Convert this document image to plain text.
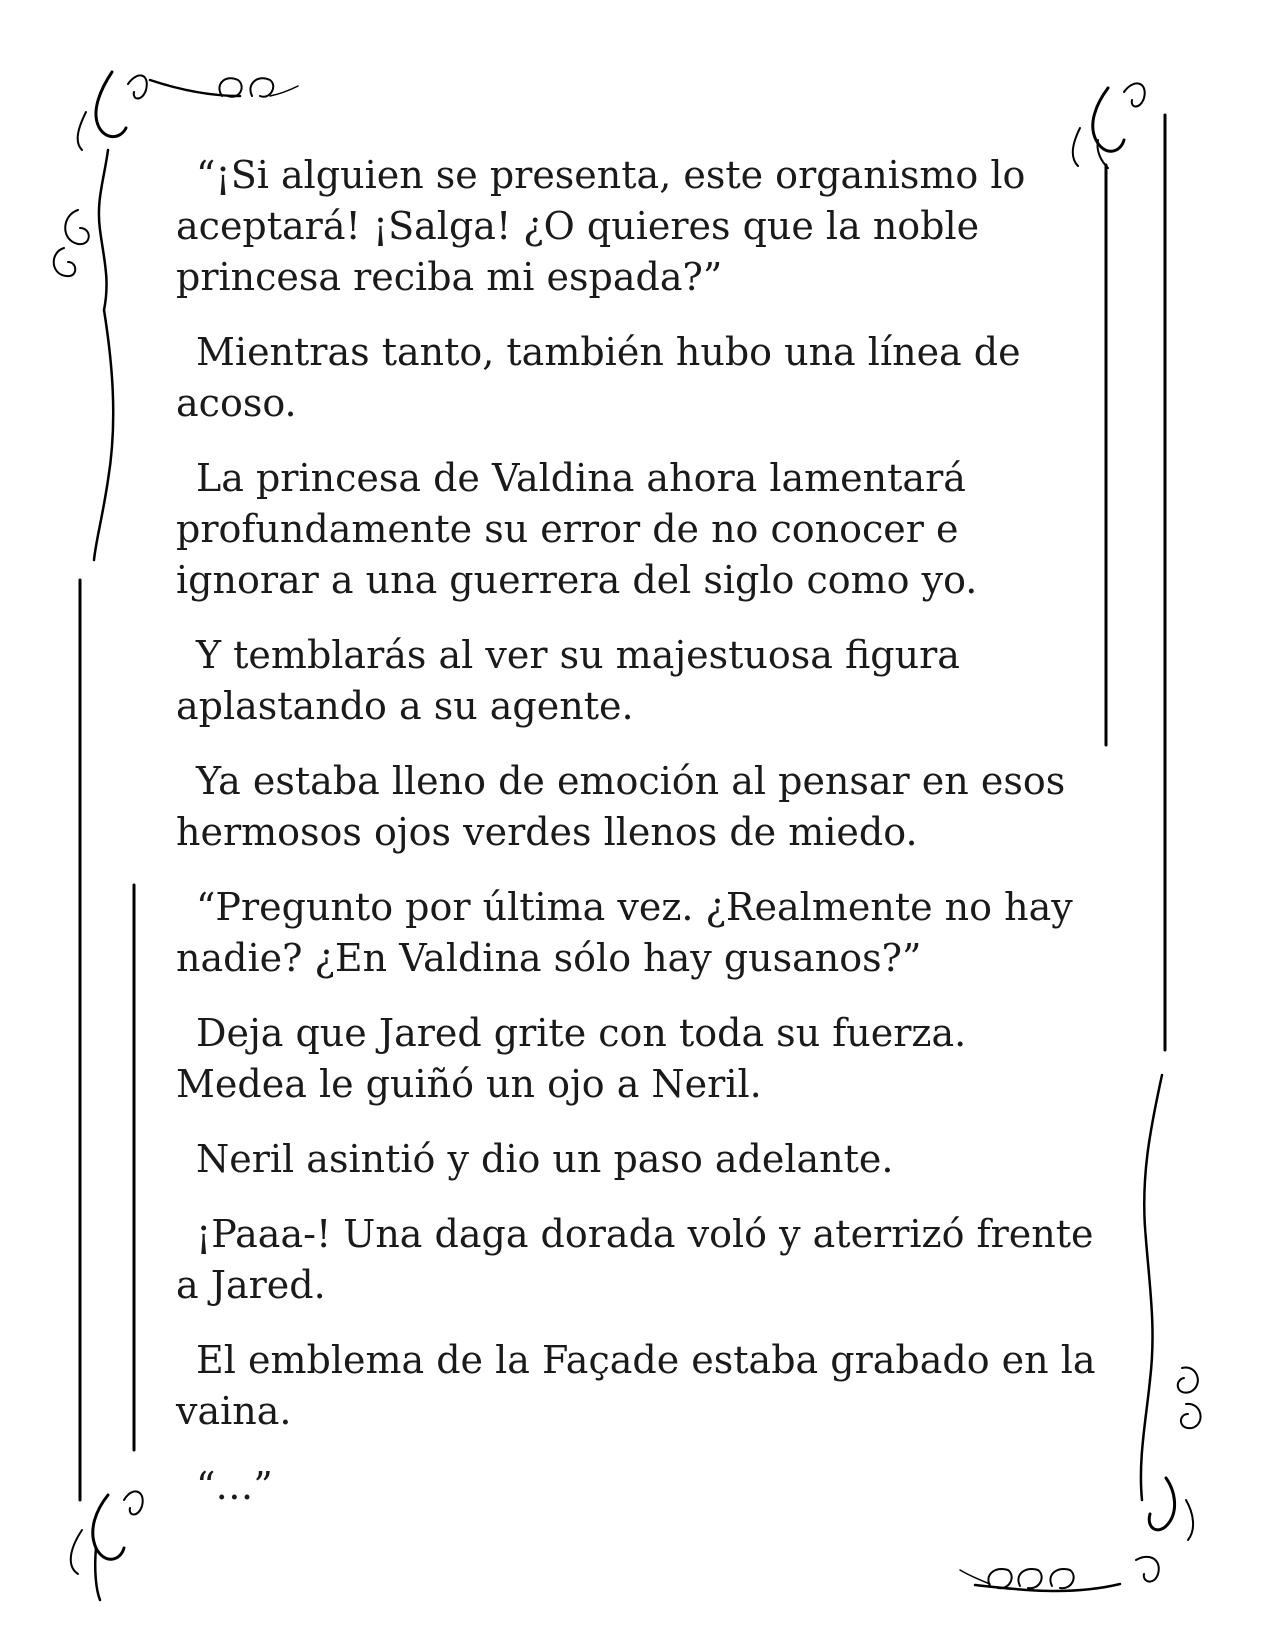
“¡Si alguien se presenta, este organismo lo aceptará! ¡Salga! ¿O quieres que la noble princesa reciba mi espada?”

Mientras tanto, también hubo una línea de acoso.

La princesa de Valdina ahora lamentará profundamente su error de no conocer e ignorar a una guerrera del siglo como yo.

Y temblarás al ver su majestuosa figura aplastando a su agente.

Ya estaba lleno de emoción al pensar en esos hermosos ojos verdes llenos de miedo.

“Pregunto por última vez. ¿Realmente no hay nadie? ¿En Valdina sólo hay gusanos?”

Deja que Jared grite con toda su fuerza. Medea le guiñó un ojo a Neril.

Neril asintió y dio un paso adelante.

¡Paaa-! Una daga dorada voló y aterrizó frente a Jared.

El emblema de la Façade estaba grabado en la vaina.

“…”
